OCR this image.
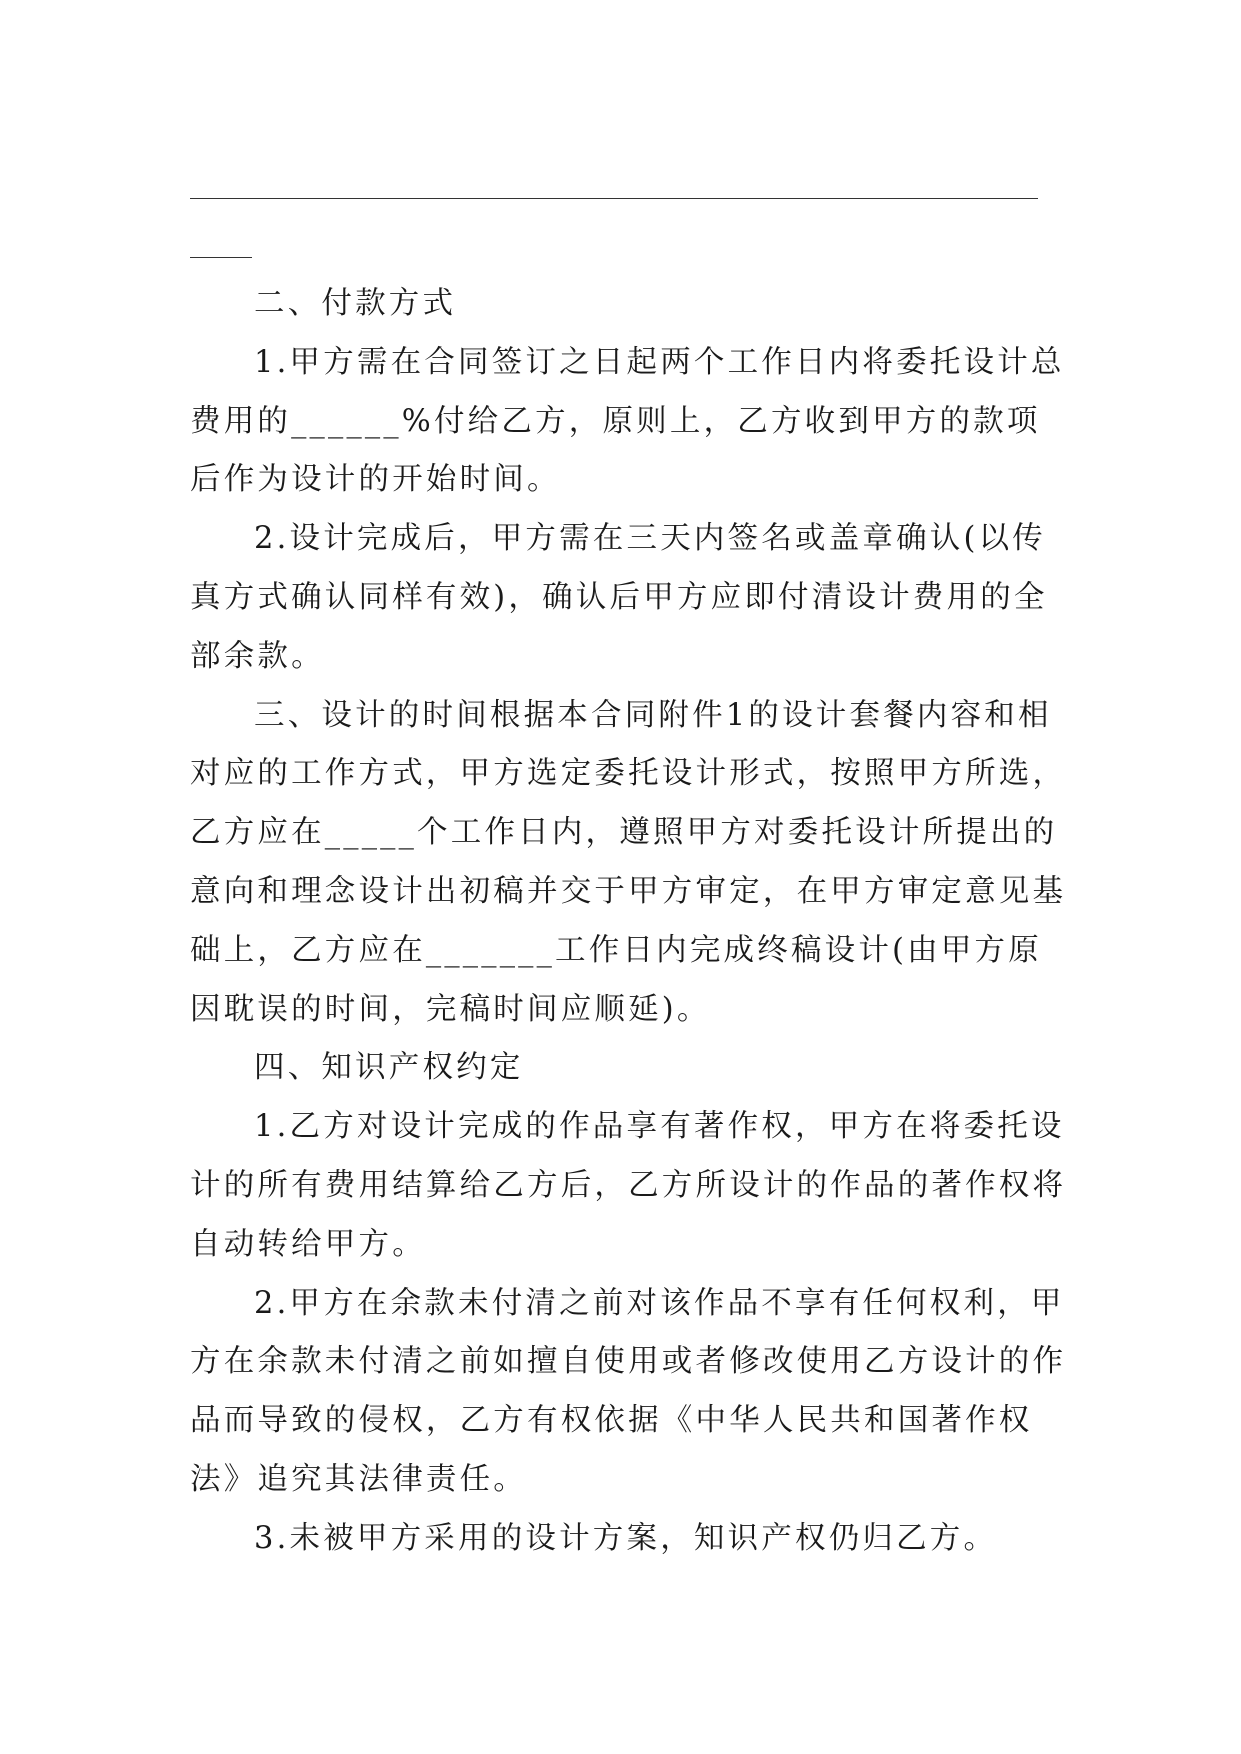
二、付款方式

1.甲方需在合同签订之日起两个工作日内将委托设计总费用的______%付给乙方，原则上，乙方收到甲方的款项后作为设计的开始时间。

2.设计完成后，甲方需在三天内签名或盖章确认(以传真方式确认同样有效)，确认后甲方应即付清设计费用的全部余款。

三、设计的时间根据本合同附件1的设计套餐内容和相对应的工作方式，甲方选定委托设计形式，按照甲方所选，乙方应在_____个工作日内，遵照甲方对委托设计所提出的意向和理念设计出初稿并交于甲方审定，在甲方审定意见基础上，乙方应在_______工作日内完成终稿设计(由甲方原因耽误的时间，完稿时间应顺延)。

四、知识产权约定

1.乙方对设计完成的作品享有著作权，甲方在将委托设计的所有费用结算给乙方后，乙方所设计的作品的著作权将自动转给甲方。

2.甲方在余款未付清之前对该作品不享有任何权利，甲方在余款未付清之前如擅自使用或者修改使用乙方设计的作品而导致的侵权，乙方有权依据《中华人民共和国著作权法》追究其法律责任。

3.未被甲方采用的设计方案，知识产权仍归乙方。
